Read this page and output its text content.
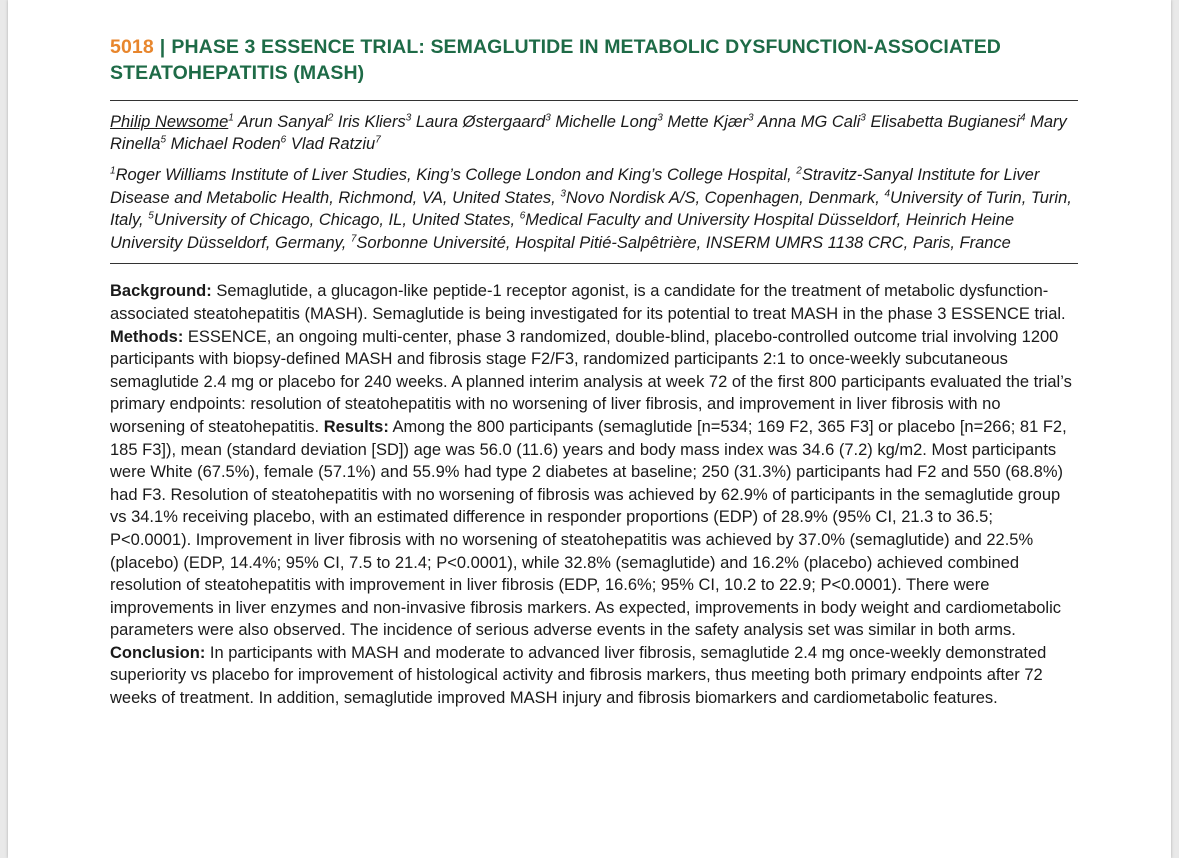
5018 | PHASE 3 ESSENCE TRIAL: SEMAGLUTIDE IN METABOLIC DYSFUNCTION-ASSOCIATED STEATOHEPATITIS (MASH)

Philip Newsome$^1$ Arun Sanyal$^2$ Iris Kliers$^3$ Laura Østergaard$^3$ Michelle Long$^3$ Mette Kjær$^3$ Anna MG Cali$^3$ Elisabetta Bugianesi$^4$ Mary Rinella$^5$ Michael Roden$^6$ Vlad Ratziu$^7$

$^1$Roger Williams Institute of Liver Studies, King’s College London and King’s College Hospital, $^2$Stravitz-Sanyal Institute for Liver Disease and Metabolic Health, Richmond, VA, United States, $^3$Novo Nordisk A/S, Copenhagen, Denmark, $^4$University of Turin, Turin, Italy, $^5$University of Chicago, Chicago, IL, United States, $^6$Medical Faculty and University Hospital Düsseldorf, Heinrich Heine University Düsseldorf, Germany, $^7$Sorbonne Université, Hospital Pitié-Salpêtrière, INSERM UMRS 1138 CRC, Paris, France

Background: Semaglutide, a glucagon-like peptide-1 receptor agonist, is a candidate for the treatment of metabolic dysfunction-associated steatohepatitis (MASH). Semaglutide is being investigated for its potential to treat MASH in the phase 3 ESSENCE trial. Methods: ESSENCE, an ongoing multi-center, phase 3 randomized, double-blind, placebo-controlled outcome trial involving 1200 participants with biopsy-defined MASH and fibrosis stage F2/F3, randomized participants 2:1 to once-weekly subcutaneous semaglutide 2.4 mg or placebo for 240 weeks. A planned interim analysis at week 72 of the first 800 participants evaluated the trial’s primary endpoints: resolution of steatohepatitis with no worsening of liver fibrosis, and improvement in liver fibrosis with no worsening of steatohepatitis. Results: Among the 800 participants (semaglutide [n=534; 169 F2, 365 F3] or placebo [n=266; 81 F2, 185 F3]), mean (standard deviation [SD]) age was 56.0 (11.6) years and body mass index was 34.6 (7.2) kg/m2. Most participants were White (67.5%), female (57.1%) and 55.9% had type 2 diabetes at baseline; 250 (31.3%) participants had F2 and 550 (68.8%) had F3. Resolution of steatohepatitis with no worsening of fibrosis was achieved by 62.9% of participants in the semaglutide group vs 34.1% receiving placebo, with an estimated difference in responder proportions (EDP) of 28.9% (95% CI, 21.3 to 36.5; P<0.0001). Improvement in liver fibrosis with no worsening of steatohepatitis was achieved by 37.0% (semaglutide) and 22.5% (placebo) (EDP, 14.4%; 95% CI, 7.5 to 21.4; P<0.0001), while 32.8% (semaglutide) and 16.2% (placebo) achieved combined resolution of steatohepatitis with improvement in liver fibrosis (EDP, 16.6%; 95% CI, 10.2 to 22.9; P<0.0001). There were improvements in liver enzymes and non-invasive fibrosis markers. As expected, improvements in body weight and cardiometabolic parameters were also observed. The incidence of serious adverse events in the safety analysis set was similar in both arms. Conclusion: In participants with MASH and moderate to advanced liver fibrosis, semaglutide 2.4 mg once-weekly demonstrated superiority vs placebo for improvement of histological activity and fibrosis markers, thus meeting both primary endpoints after 72 weeks of treatment. In addition, semaglutide improved MASH injury and fibrosis biomarkers and cardiometabolic features.
